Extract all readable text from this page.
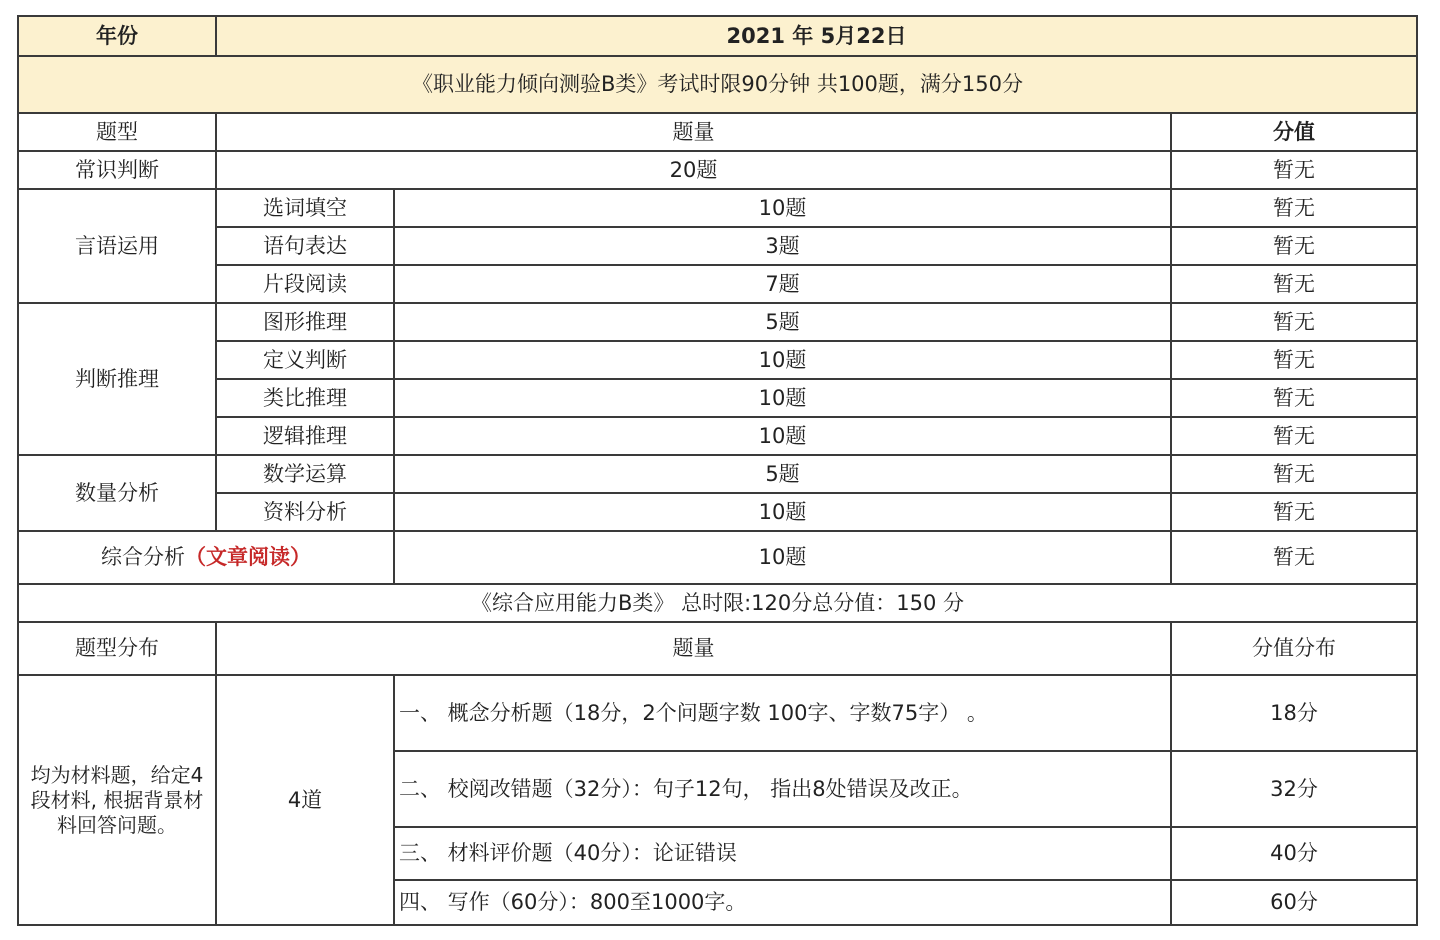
年份	2021 年 5月22日		
《职业能力倾向测验B类》考试时限90分钟 共100题，满分150分			
题型	题量		分值
常识判断	20题		暂无
言语运用	选词填空	10题	暂无
	语句表达	3题	暂无
	片段阅读	7题	暂无
判断推理	图形推理	5题	暂无
	定义判断	10题	暂无
	类比推理	10题	暂无
	逻辑推理	10题	暂无
数量分析	数学运算	5题	暂无
	资料分析	10题	暂无
综合分析（文章阅读）		10题	暂无
《综合应用能力B类》 总时限:120分总分值：150 分			
题型分布	题量		分值分布
均为材料题，给定4段材料, 根据背景材料回答问题。	4道	一、 概念分析题（18分，2个问题字数 100字、字数75字） 。	18分
		二、 校阅改错题（32分）：句子12句， 指出8处错误及改正。	32分
		三、 材料评价题（40分）：论证错误	40分
		四、 写作（60分）：800至1000字。	60分
